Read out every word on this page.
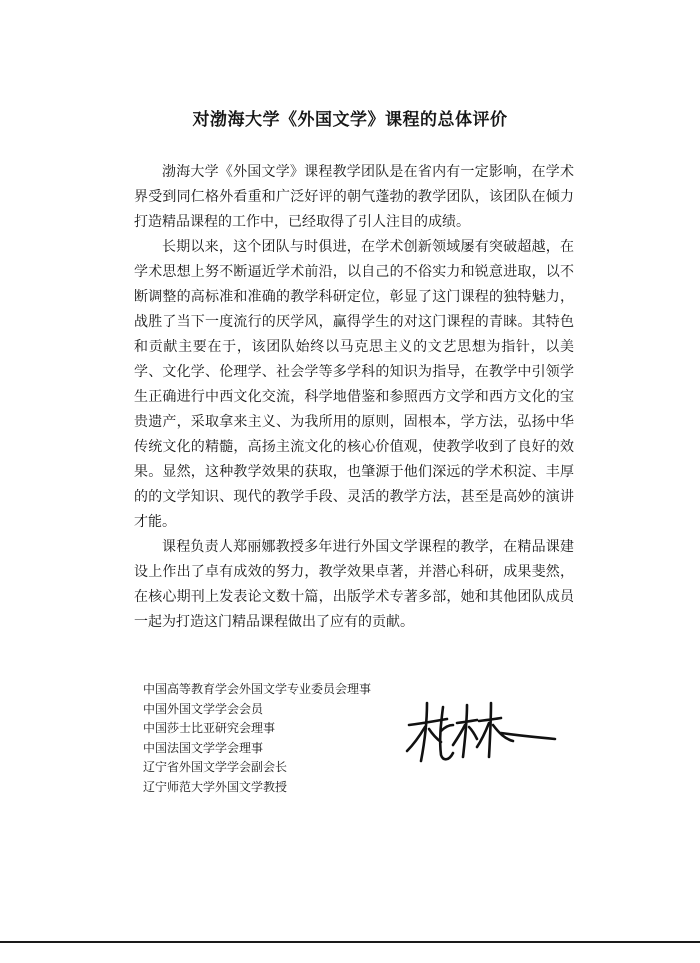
对渤海大学《外国文学》课程的总体评价

渤海大学《外国文学》课程教学团队是在省内有一定影响，在学术界受到同仁格外看重和广泛好评的朝气蓬勃的教学团队，该团队在倾力打造精品课程的工作中，已经取得了引人注目的成绩。

长期以来，这个团队与时俱进，在学术创新领域屡有突破超越，在学术思想上努不断逼近学术前沿，以自己的不俗实力和锐意进取，以不断调整的高标准和准确的教学科研定位，彰显了这门课程的独特魅力，战胜了当下一度流行的厌学风，赢得学生的对这门课程的青睐。其特色和贡献主要在于，该团队始终以马克思主义的文艺思想为指针，以美学、文化学、伦理学、社会学等多学科的知识为指导，在教学中引领学生正确进行中西文化交流，科学地借鉴和参照西方文学和西方文化的宝贵遗产，采取拿来主义、为我所用的原则，固根本，学方法，弘扬中华传统文化的精髓，高扬主流文化的核心价值观，使教学收到了良好的效果。显然，这种教学效果的获取，也肇源于他们深远的学术积淀、丰厚的的文学知识、现代的教学手段、灵活的教学方法，甚至是高妙的演讲才能。

课程负责人郑丽娜教授多年进行外国文学课程的教学，在精品课建设上作出了卓有成效的努力，教学效果卓著，并潜心科研，成果斐然，在核心期刊上发表论文数十篇，出版学术专著多部，她和其他团队成员一起为打造这门精品课程做出了应有的贡献。

中国高等教育学会外国文学专业委员会理事

中国外国文学学会会员

中国莎士比亚研究会理事

中国法国文学学会理事

辽宁省外国文学学会副会长

辽宁师范大学外国文学教授
